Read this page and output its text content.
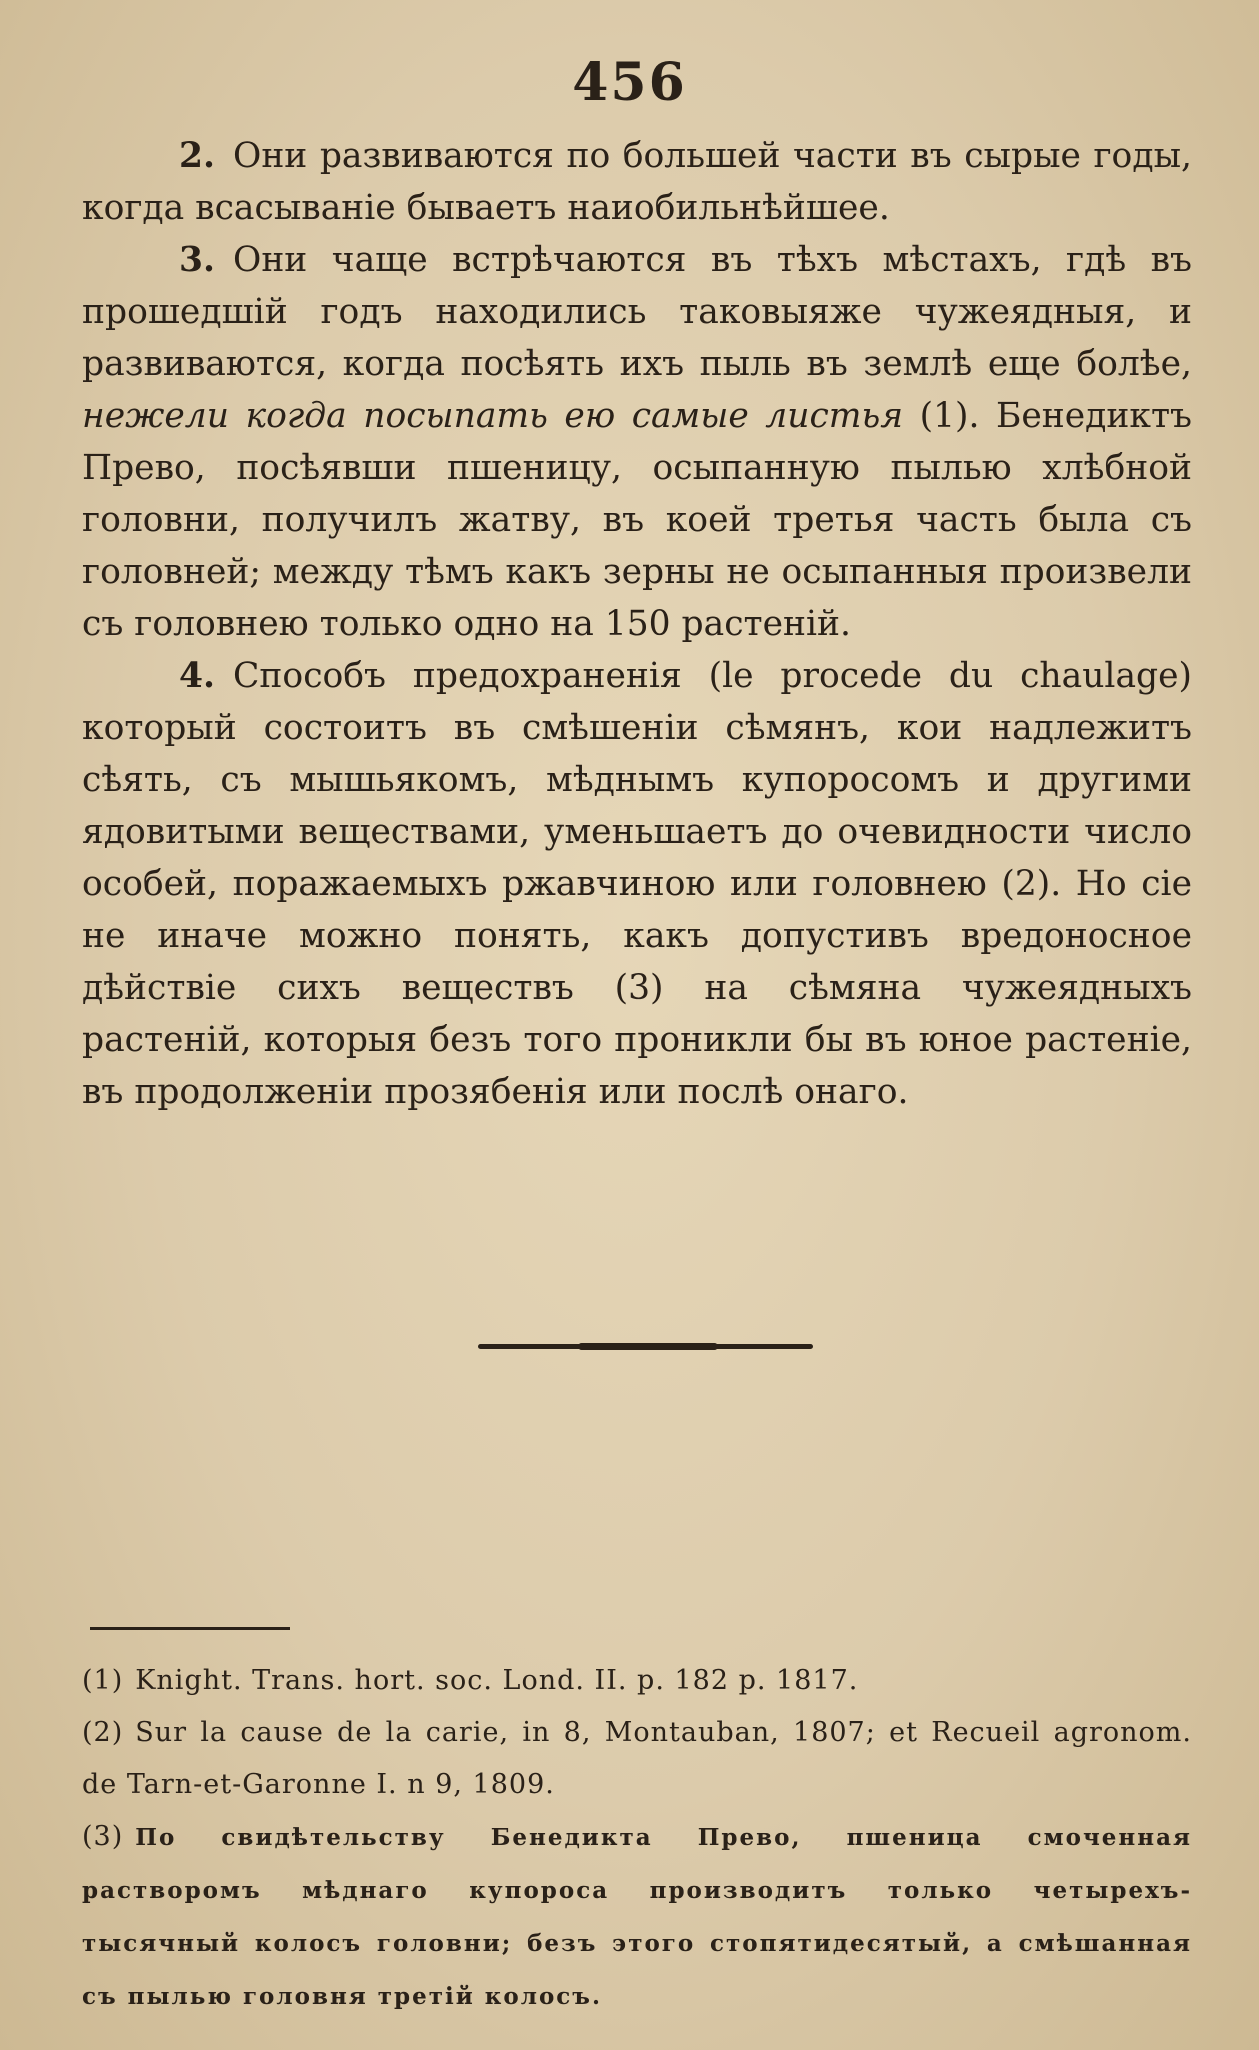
456

2. Они развиваются по большей части въ сырые годы, когда всасываніе бываетъ наиобильнѣйшее.

3. Они чаще встрѣчаются въ тѣхъ мѣстахъ, гдѣ въ прошедшій годъ находились таковыяже чужеядныя, и развиваются, когда посѣять ихъ пыль въ землѣ еще болѣе, нежели когда посыпать ею самые листья (1). Бенедиктъ Прево, посѣявши пшеницу, осыпанную пылью хлѣбной головни, получилъ жатву, въ коей третья часть была съ головней; между тѣмъ какъ зерны не осыпанныя произвели съ головнею только одно на 150 растеній.

4. Способъ предохраненія (le procede du chaulage) который состоитъ въ смѣшеніи сѣмянъ, кои надлежитъ сѣять, съ мышьякомъ, мѣднымъ купоросомъ и другими ядовитыми веществами, уменьшаетъ до очевидности число особей, поражаемыхъ ржавчиною или головнею (2). Но сіе не иначе можно понять, какъ допустивъ вредоносное дѣйствіе сихъ веществъ (3) на сѣмяна чужеядныхъ растеній, которыя безъ того проникли бы въ юное растеніе, въ продолженіи прозябенія или послѣ онаго.

(1) Knight. Trans. hort. soc. Lond. II. p. 182 p. 1817.

(2) Sur la cause de la carie, in 8, Montauban, 1807; et Recueil agronom. de Tarn-et-Garonne I. n 9, 1809.

(3) По свидѣтельству Бенедикта Прево, пшеница смоченная растворомъ мѣднаго купороса производитъ только четырехъ-тысячный колосъ головни; безъ этого стопятидесятый, а смѣшанная съ пылью головня третій колосъ.
